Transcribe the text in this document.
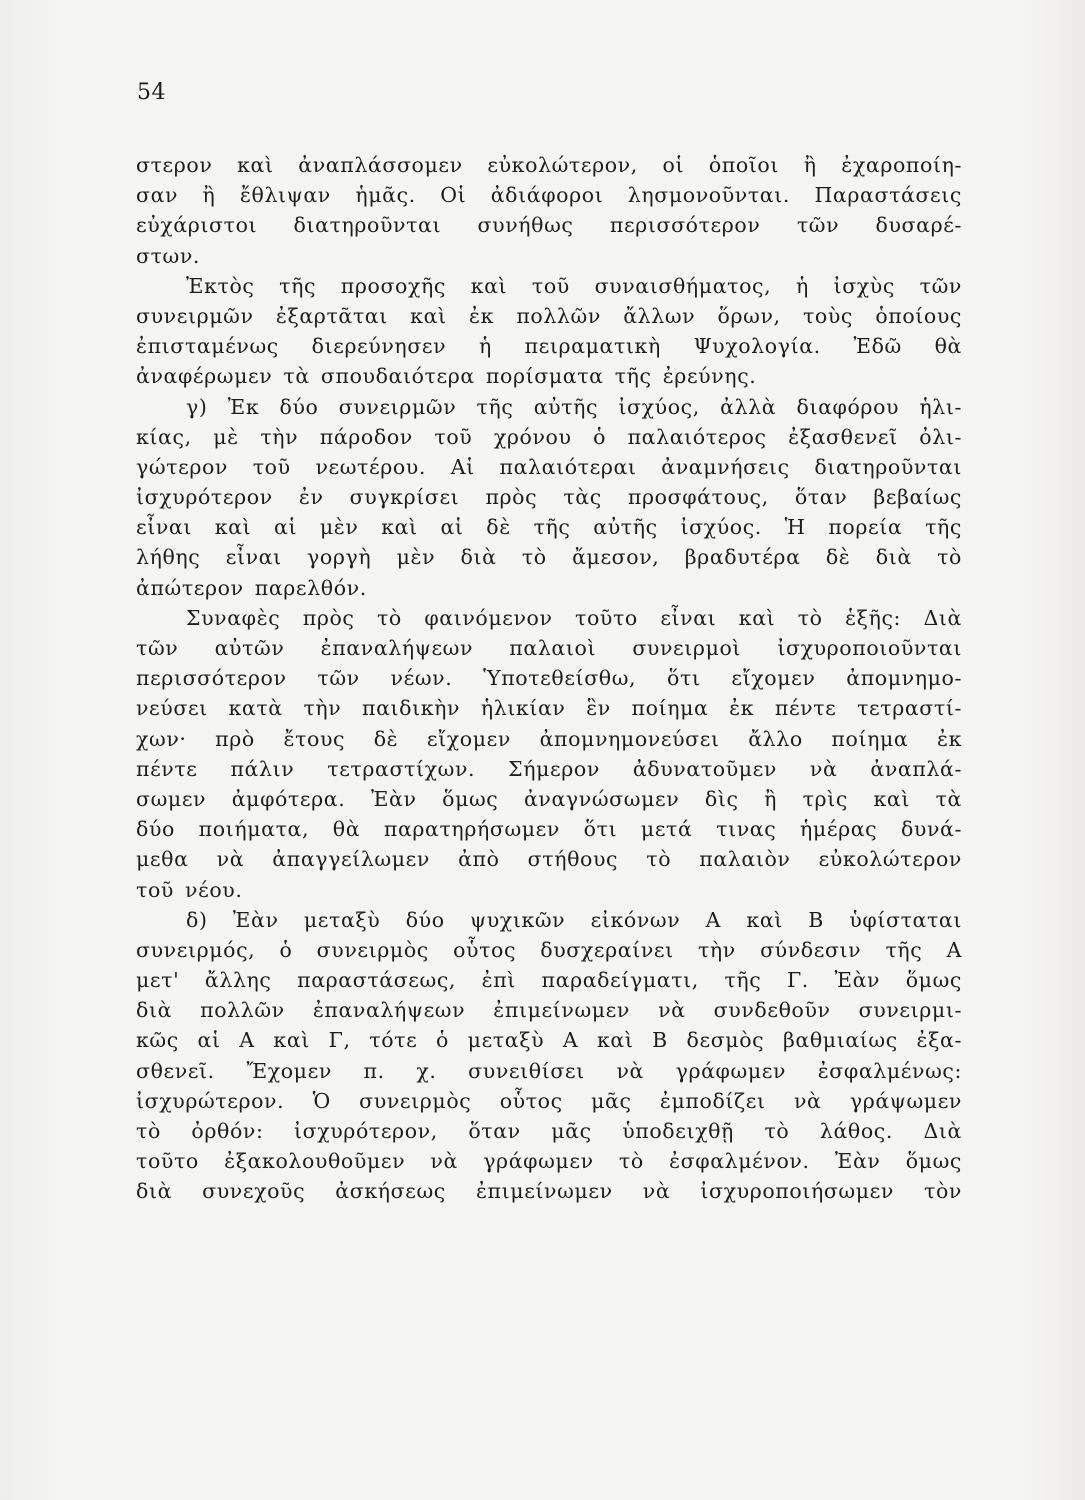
54
στερον καὶ ἀναπλάσσομεν εὐκολώτερον, οἱ ὁποῖοι ἢ ἐχαροποίη-
σαν ἢ ἔθλιψαν ἡμᾶς. Οἱ ἀδιάφοροι λησμονοῦνται. Παραστάσεις
εὐχάριστοι διατηροῦνται συνήθως περισσότερον τῶν δυσαρέ-
στων.
Ἐκτὸς τῆς προσοχῆς καὶ τοῦ συναισθήματος, ἡ ἰσχὺς τῶν
συνειρμῶν ἐξαρτᾶται καὶ ἐκ πολλῶν ἄλλων ὅρων, τοὺς ὁποίους
ἐπισταμένως διερεύνησεν ἡ πειραματικὴ Ψυχολογία. Ἐδῶ θὰ
ἀναφέρωμεν τὰ σπουδαιότερα πορίσματα τῆς ἐρεύνης.
γ) Ἐκ δύο συνειρμῶν τῆς αὐτῆς ἰσχύος, ἀλλὰ διαφόρου ἡλι-
κίας, μὲ τὴν πάροδον τοῦ χρόνου ὁ παλαιότερος ἐξασθενεῖ ὀλι-
γώτερον τοῦ νεωτέρου. Αἱ παλαιότεραι ἀναμνήσεις διατηροῦνται
ἰσχυρότερον ἐν συγκρίσει πρὸς τὰς προσφάτους, ὅταν βεβαίως
εἶναι καὶ αἱ μὲν καὶ αἱ δὲ τῆς αὐτῆς ἰσχύος. Ἡ πορεία τῆς
λήθης εἶναι γοργὴ μὲν διὰ τὸ ἄμεσον, βραδυτέρα δὲ διὰ τὸ
ἀπώτερον παρελθόν.
Συναφὲς πρὸς τὸ φαινόμενον τοῦτο εἶναι καὶ τὸ ἑξῆς: Διὰ
τῶν αὐτῶν ἐπαναλήψεων παλαιοὶ συνειρμοὶ ἰσχυροποιοῦνται
περισσότερον τῶν νέων. Ὑποτεθείσθω, ὅτι εἴχομεν ἀπομνημο-
νεύσει κατὰ τὴν παιδικὴν ἡλικίαν ἓν ποίημα ἐκ πέντε τετραστί-
χων· πρὸ ἔτους δὲ εἴχομεν ἀπομνημονεύσει ἄλλο ποίημα ἐκ
πέντε πάλιν τετραστίχων. Σήμερον ἀδυνατοῦμεν νὰ ἀναπλά-
σωμεν ἀμφότερα. Ἐὰν ὅμως ἀναγνώσωμεν δὶς ἢ τρὶς καὶ τὰ
δύο ποιήματα, θὰ παρατηρήσωμεν ὅτι μετά τινας ἡμέρας δυνά-
μεθα νὰ ἀπαγγείλωμεν ἀπὸ στήθους τὸ παλαιὸν εὐκολώτερον
τοῦ νέου.
δ) Ἐὰν μεταξὺ δύο ψυχικῶν εἰκόνων Α καὶ Β ὑφίσταται
συνειρμός, ὁ συνειρμὸς οὗτος δυσχεραίνει τὴν σύνδεσιν τῆς Α
μετ' ἄλλης παραστάσεως, ἐπὶ παραδείγματι, τῆς Γ. Ἐὰν ὅμως
διὰ πολλῶν ἐπαναλήψεων ἐπιμείνωμεν νὰ συνδεθοῦν συνειρμι-
κῶς αἱ Α καὶ Γ, τότε ὁ μεταξὺ Α καὶ Β δεσμὸς βαθμιαίως ἐξα-
σθενεῖ. Ἔχομεν π. χ. συνειθίσει νὰ γράφωμεν ἐσφαλμένως:
ἰσχυρώτερον. Ὁ συνειρμὸς οὗτος μᾶς ἐμποδίζει νὰ γράψωμεν
τὸ ὀρθόν: ἰσχυρότερον, ὅταν μᾶς ὑποδειχθῇ τὸ λάθος. Διὰ
τοῦτο ἐξακολουθοῦμεν νὰ γράφωμεν τὸ ἐσφαλμένον. Ἐὰν ὅμως
διὰ συνεχοῦς ἀσκήσεως ἐπιμείνωμεν νὰ ἰσχυροποιήσωμεν τὸν
